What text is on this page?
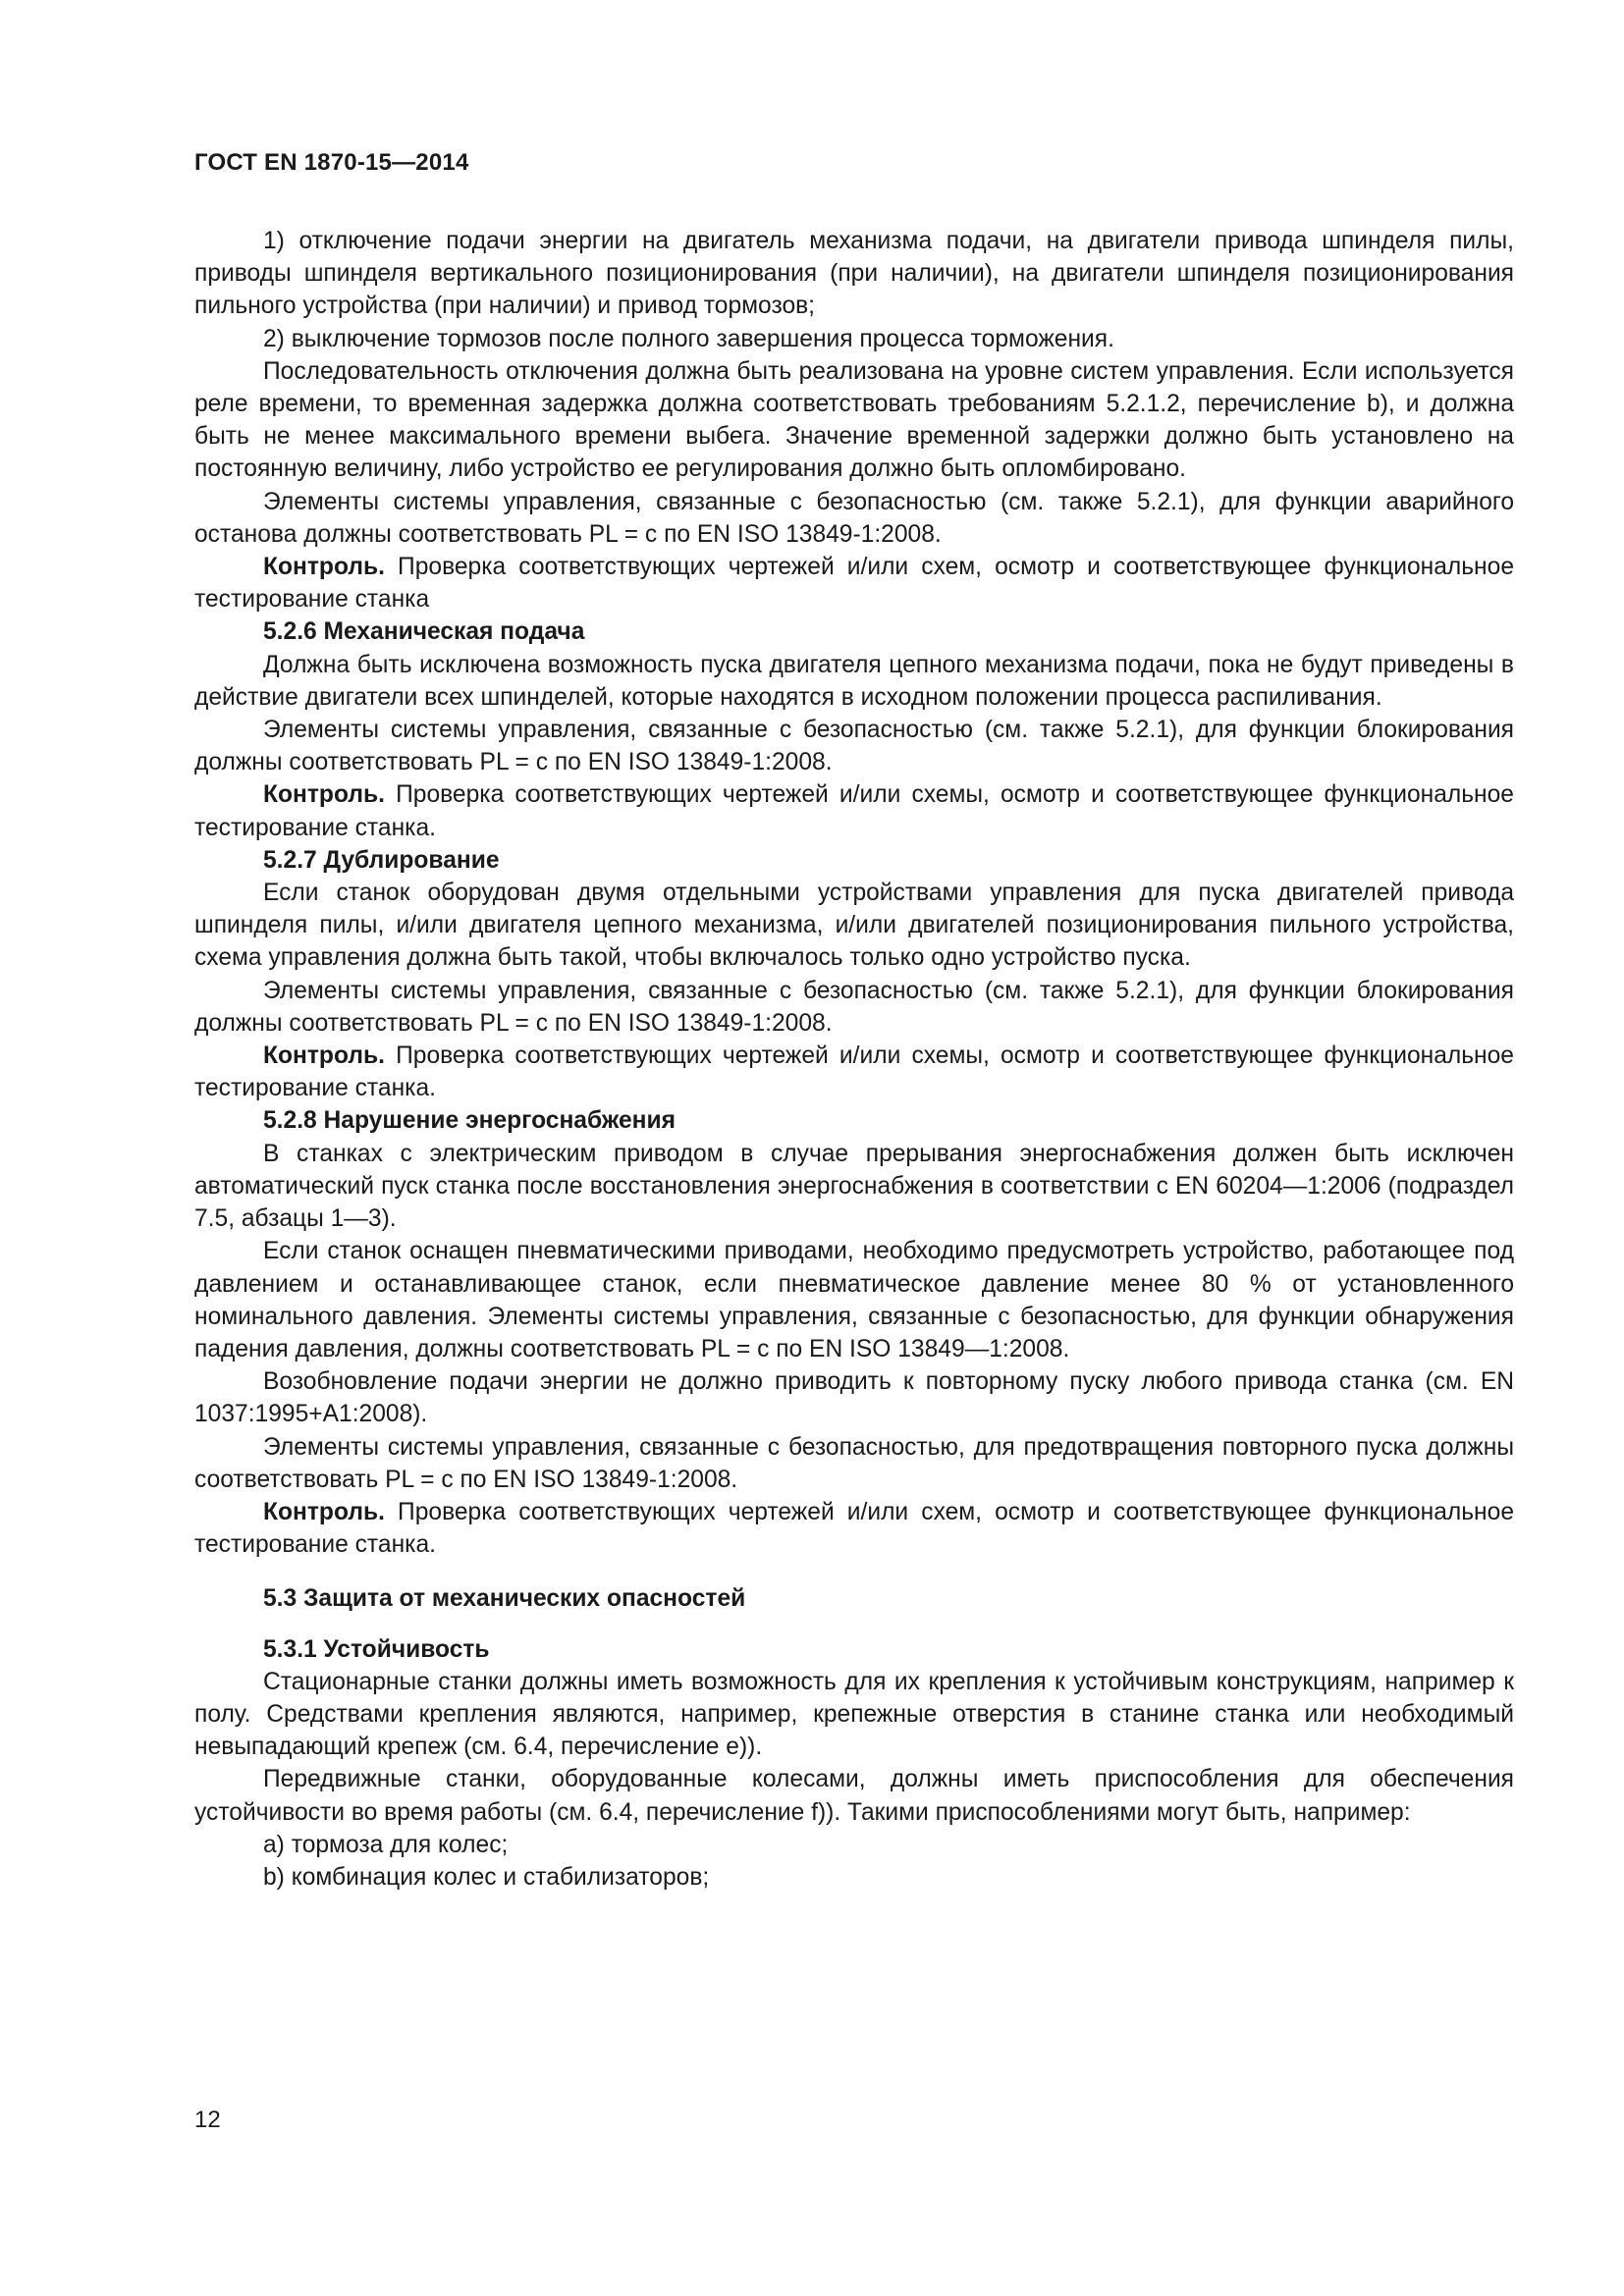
ГОСТ EN 1870-15—2014

1) отключение подачи энергии на двигатель механизма подачи, на двигатели привода шпинделя пилы, приводы шпинделя вертикального позиционирования (при наличии), на двигатели шпинделя позиционирования пильного устройства (при наличии) и привод тормозов;

2) выключение тормозов после полного завершения процесса торможения.

Последовательность отключения должна быть реализована на уровне систем управления. Если используется реле времени, то временная задержка должна соответствовать требованиям 5.2.1.2, перечисление b), и должна быть не менее максимального времени выбега. Значение временной задержки должно быть установлено на постоянную величину, либо устройство ее регулирования должно быть опломбировано.

Элементы системы управления, связанные с безопасностью (см. также 5.2.1), для функции аварийного останова должны соответствовать PL = с по EN ISO 13849-1:2008.

Контроль. Проверка соответствующих чертежей и/или схем, осмотр и соответствующее функциональное тестирование станка

5.2.6 Механическая подача

Должна быть исключена возможность пуска двигателя цепного механизма подачи, пока не будут приведены в действие двигатели всех шпинделей, которые находятся в исходном положении процесса распиливания.

Элементы системы управления, связанные с безопасностью (см. также 5.2.1), для функции блокирования должны соответствовать PL = с по EN ISO 13849-1:2008.

Контроль. Проверка соответствующих чертежей и/или схемы, осмотр и соответствующее функциональное тестирование станка.

5.2.7 Дублирование

Если станок оборудован двумя отдельными устройствами управления для пуска двигателей привода шпинделя пилы, и/или двигателя цепного механизма, и/или двигателей позиционирования пильного устройства, схема управления должна быть такой, чтобы включалось только одно устройство пуска.

Элементы системы управления, связанные с безопасностью (см. также 5.2.1), для функции блокирования должны соответствовать PL = с по EN ISO 13849-1:2008.

Контроль. Проверка соответствующих чертежей и/или схемы, осмотр и соответствующее функциональное тестирование станка.

5.2.8 Нарушение энергоснабжения

В станках с электрическим приводом в случае прерывания энергоснабжения должен быть исключен автоматический пуск станка после восстановления энергоснабжения в соответствии с EN 60204—1:2006 (подраздел 7.5, абзацы 1—3).

Если станок оснащен пневматическими приводами, необходимо предусмотреть устройство, работающее под давлением и останавливающее станок, если пневматическое давление менее 80 % от установленного номинального давления. Элементы системы управления, связанные с безопасностью, для функции обнаружения падения давления, должны соответствовать PL = с по EN ISO 13849—1:2008.

Возобновление подачи энергии не должно приводить к повторному пуску любого привода станка (см. EN 1037:1995+A1:2008).

Элементы системы управления, связанные с безопасностью, для предотвращения повторного пуска должны соответствовать PL = с по EN ISO 13849-1:2008.

Контроль. Проверка соответствующих чертежей и/или схем, осмотр и соответствующее функциональное тестирование станка.

5.3 Защита от механических опасностей
5.3.1 Устойчивость

Стационарные станки должны иметь возможность для их крепления к устойчивым конструкциям, например к полу. Средствами крепления являются, например, крепежные отверстия в станине станка или необходимый невыпадающий крепеж (см. 6.4, перечисление е)).

Передвижные станки, оборудованные колесами, должны иметь приспособления для обеспечения устойчивости во время работы (см. 6.4, перечисление f)). Такими приспособлениями могут быть, например:

а) тормоза для колес;

b) комбинация колес и стабилизаторов;

12
